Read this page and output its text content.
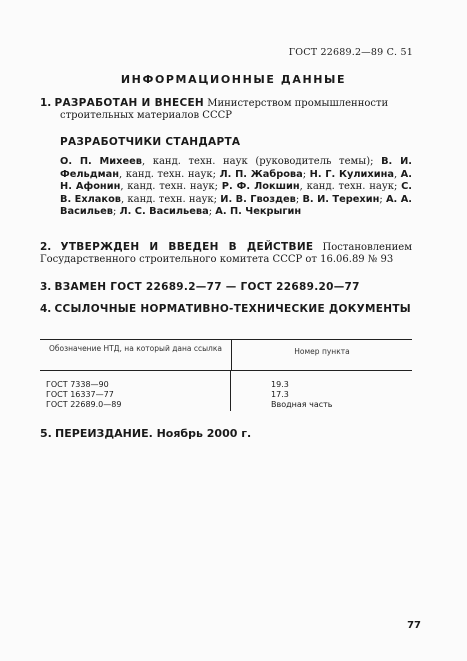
ГОСТ 22689.2—89 С. 51
ИНФОРМАЦИОННЫЕ ДАННЫЕ
1. РАЗРАБОТАН И ВНЕСЕН Министерством промышленности
строительных материалов СССР
РАЗРАБОТЧИКИ СТАНДАРТА
О. П. Михеев, канд. техн. наук (руководитель темы); В. И. Фельдман, канд. техн. наук; Л. П. Жаброва; Н. Г. Кулихина, А. Н. Афонин, канд. техн. наук; Р. Ф. Локшин, канд. техн. наук; С. В. Ехлаков, канд. техн. наук; И. В. Гвоздев; В. И. Терехин; А. А. Васильев; Л. С. Васильева; А. П. Чекрыгин
2. УТВЕРЖДЕН И ВВЕДЕН В ДЕЙСТВИЕ Постановлением Государственного строительного комитета СССР от 16.06.89 № 93
3. ВЗАМЕН ГОСТ 22689.2—77 — ГОСТ 22689.20—77
4. ССЫЛОЧНЫЕ НОРМАТИВНО-ТЕХНИЧЕСКИЕ ДОКУМЕНТЫ
Обозначение НТД, на который дана ссылка	Номер пункта
ГОСТ 7338—90
ГОСТ 16337—77
ГОСТ 22689.0—89
19.3
17.3
Вводная часть
5. ПЕРЕИЗДАНИЕ. Ноябрь 2000 г.
77
